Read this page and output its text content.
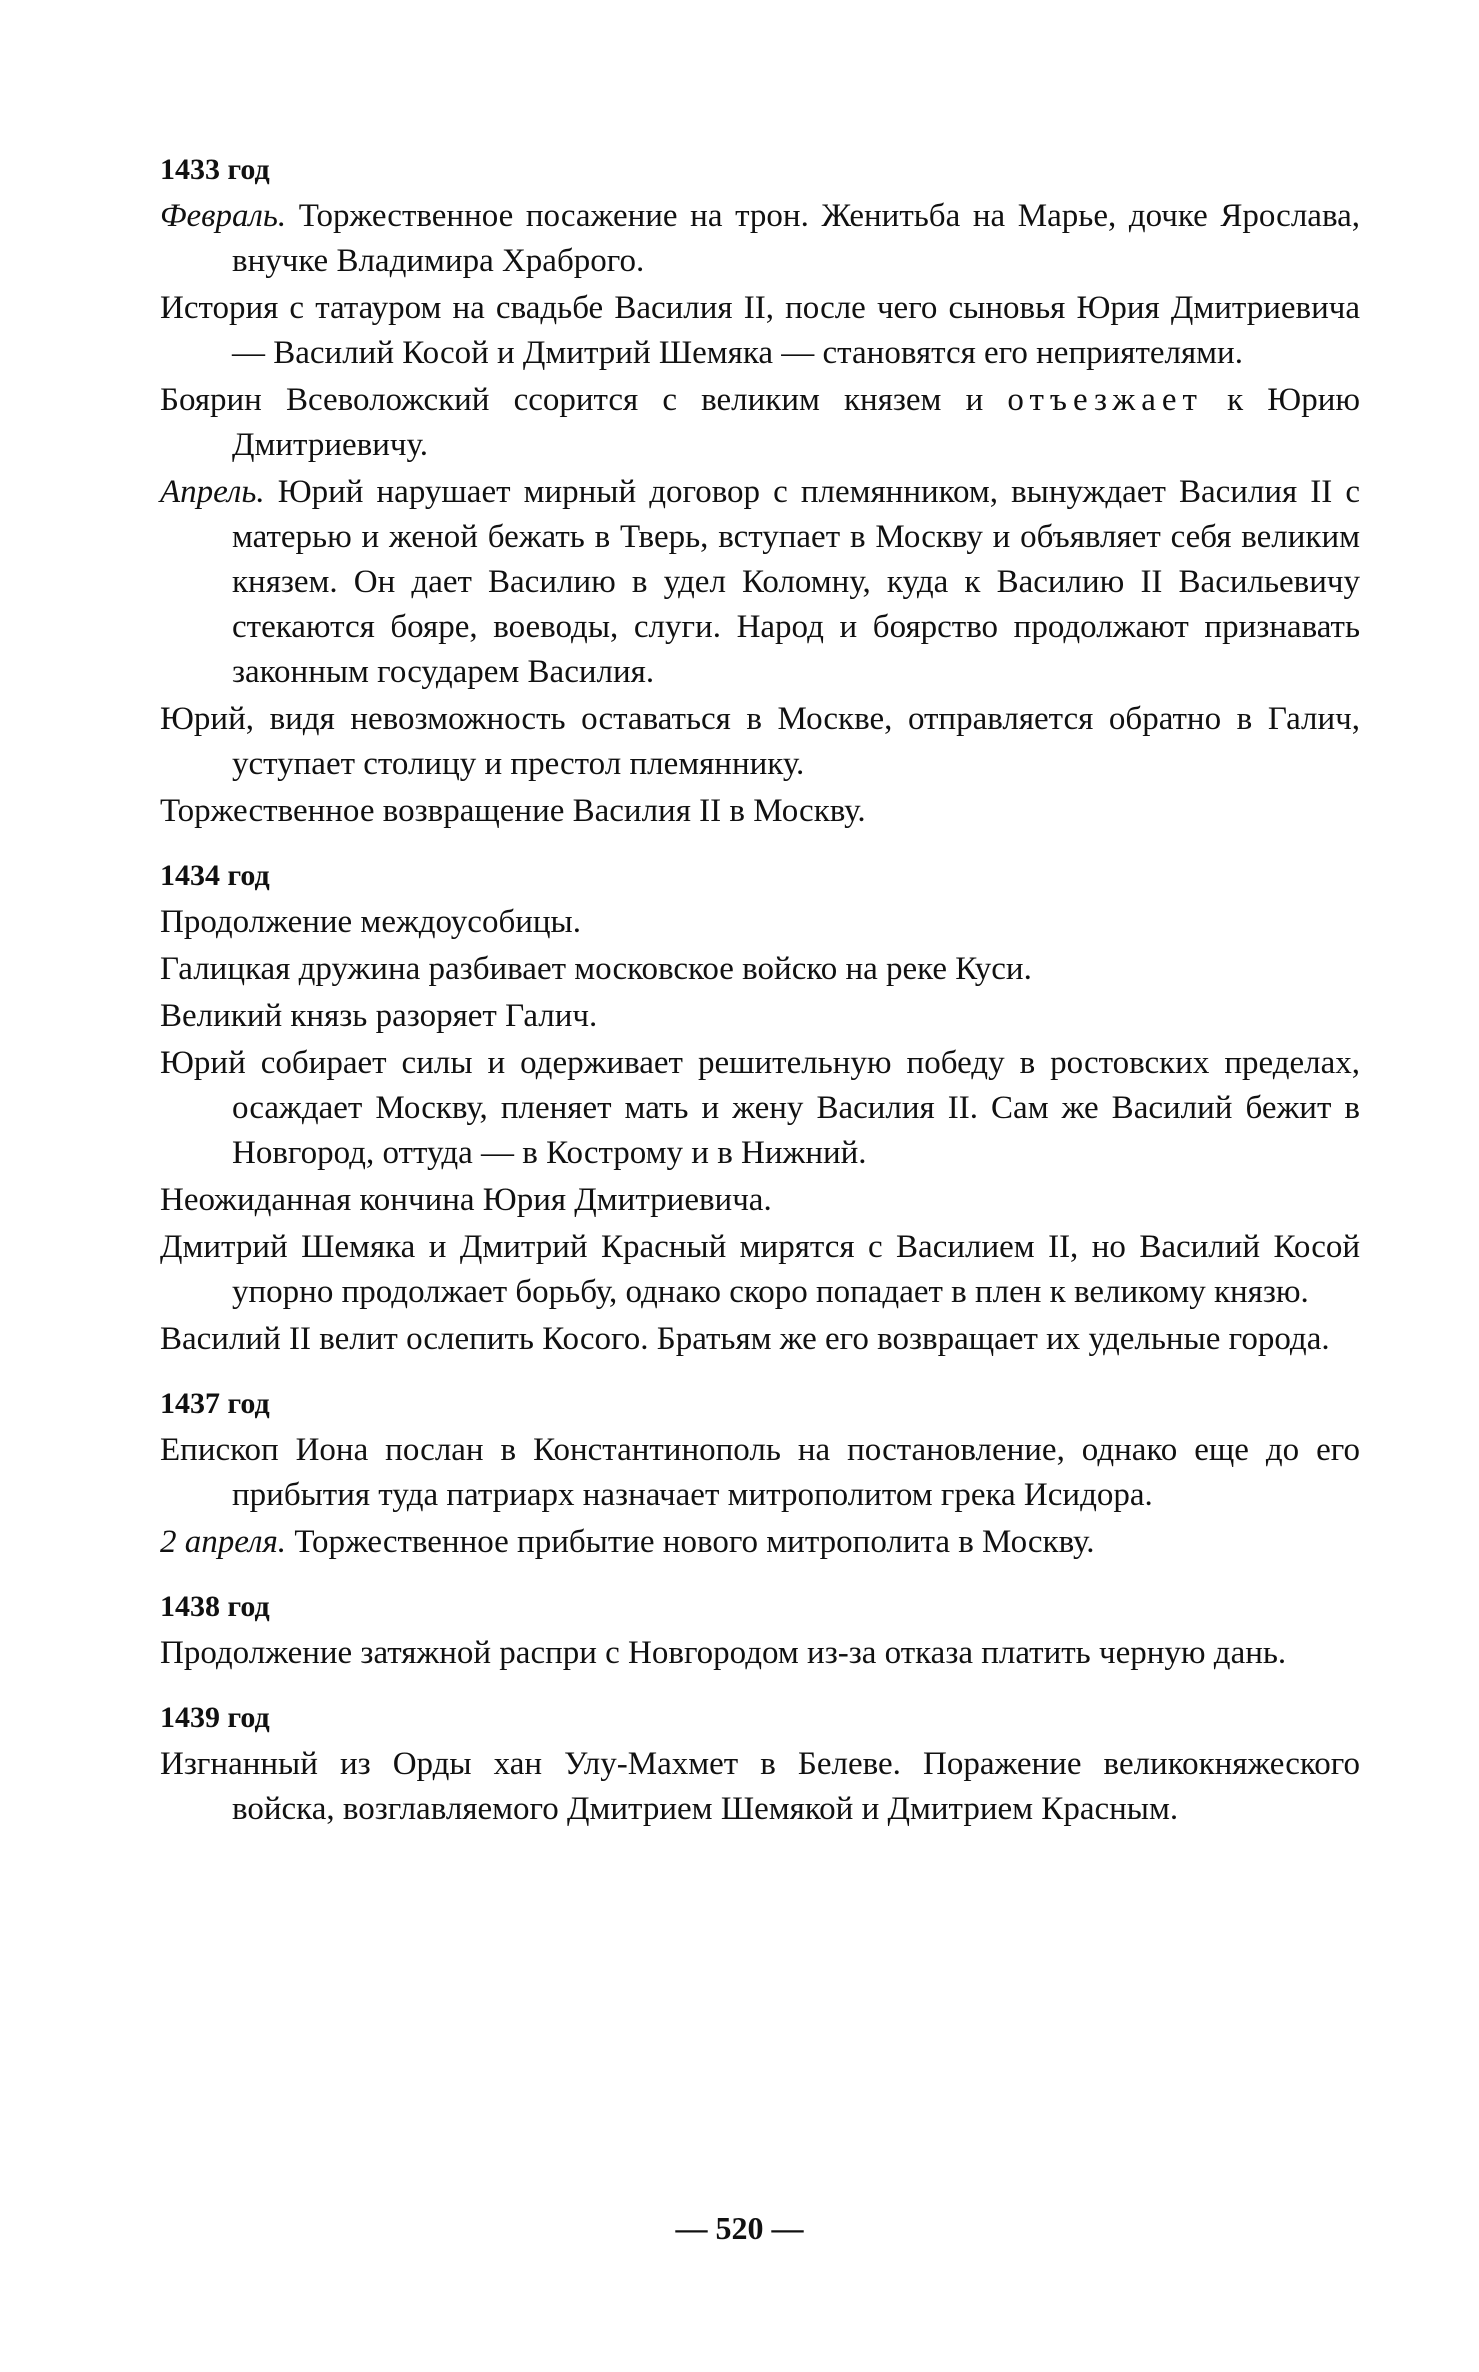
1433 год

Февраль. Торжественное посажение на трон. Женитьба на Марье, дочке Ярослава, внучке Владимира Храброго.

История с татауром на свадьбе Василия II, после чего сыновья Юрия Дмитриевича — Василий Косой и Дмитрий Шемяка — становятся его неприятелями.

Боярин Всеволожский ссорится с великим князем и отъезжает к Юрию Дмитриевичу.

Апрель. Юрий нарушает мирный договор с племянником, вынуждает Василия II с матерью и женой бежать в Тверь, вступает в Москву и объявляет себя великим князем. Он дает Василию в удел Коломну, куда к Василию II Васильевичу стекаются бояре, воеводы, слуги. Народ и боярство продолжают признавать законным государем Василия.

Юрий, видя невозможность оставаться в Москве, отправляется обратно в Галич, уступает столицу и престол племяннику.

Торжественное возвращение Василия II в Москву.

1434 год

Продолжение междоусобицы.

Галицкая дружина разбивает московское войско на реке Куси.

Великий князь разоряет Галич.

Юрий собирает силы и одерживает решительную победу в ростовских пределах, осаждает Москву, пленяет мать и жену Василия II. Сам же Василий бежит в Новгород, оттуда — в Кострому и в Нижний.

Неожиданная кончина Юрия Дмитриевича.

Дмитрий Шемяка и Дмитрий Красный мирятся с Василием II, но Василий Косой упорно продолжает борьбу, однако скоро попадает в плен к великому князю.

Василий II велит ослепить Косого. Братьям же его возвращает их удельные города.

1437 год

Епископ Иона послан в Константинополь на постановление, однако еще до его прибытия туда патриарх назначает митрополитом грека Исидора.

2 апреля. Торжественное прибытие нового митрополита в Москву.

1438 год

Продолжение затяжной распри с Новгородом из-за отказа платить черную дань.

1439 год

Изгнанный из Орды хан Улу-Махмет в Белеве. Поражение великокняжеского войска, возглавляемого Дмитрием Шемякой и Дмитрием Красным.

— 520 —
